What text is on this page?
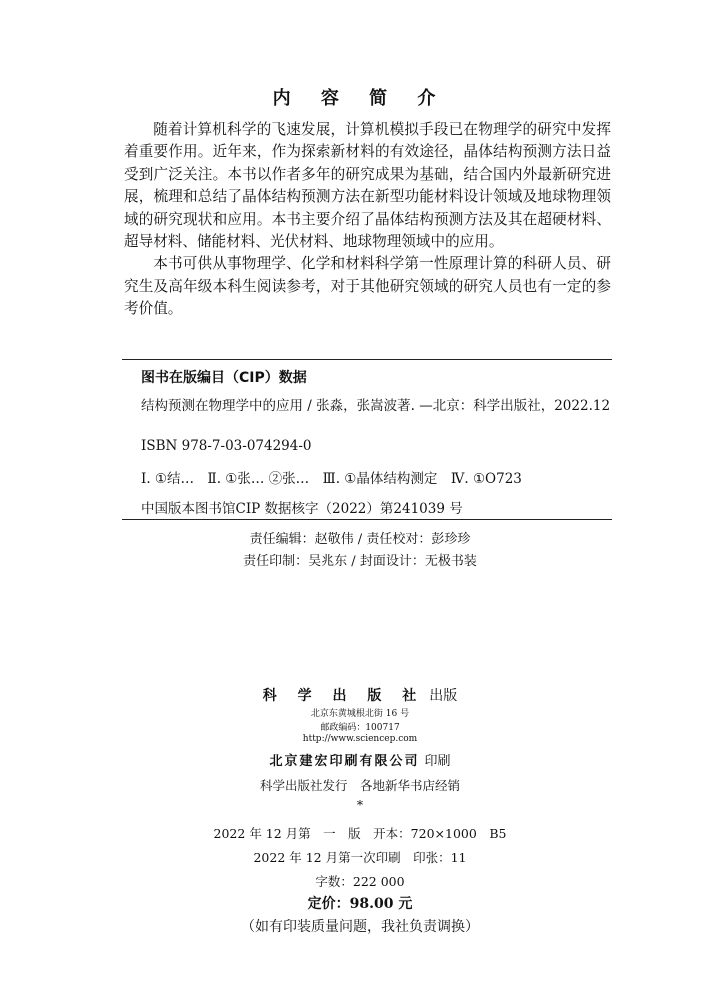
内 容 简 介

随着计算机科学的飞速发展，计算机模拟手段已在物理学的研究中发挥着重要作用。近年来，作为探索新材料的有效途径，晶体结构预测方法日益受到广泛关注。本书以作者多年的研究成果为基础，结合国内外最新研究进展，梳理和总结了晶体结构预测方法在新型功能材料设计领域及地球物理领域的研究现状和应用。本书主要介绍了晶体结构预测方法及其在超硬材料、超导材料、储能材料、光伏材料、地球物理领域中的应用。

本书可供从事物理学、化学和材料科学第一性原理计算的科研人员、研究生及高年级本科生阅读参考，对于其他研究领域的研究人员也有一定的参考价值。

图书在版编目（CIP）数据
结构预测在物理学中的应用 / 张淼，张嵩波著. —北京：科学出版社，2022.12
ISBN 978-7-03-074294-0
Ⅰ. ①结…　Ⅱ. ①张… ②张…　Ⅲ. ①晶体结构测定　Ⅳ. ①O723
中国版本图书馆CIP 数据核字（2022）第241039 号
责任编辑：赵敬伟 / 责任校对：彭珍珍
责任印制：吴兆东 / 封面设计：无极书装
科 学 出 版 社 出版
北京东黄城根北街 16 号
邮政编码：100717
http://www.sciencep.com
北京建宏印刷有限公司 印刷
科学出版社发行　各地新华书店经销
*
2022 年 12 月第　一　版　开本：720×1000　B5
2022 年 12 月第一次印刷　印张：11
字数：222 000
定价：98.00 元
（如有印装质量问题，我社负责调换）
